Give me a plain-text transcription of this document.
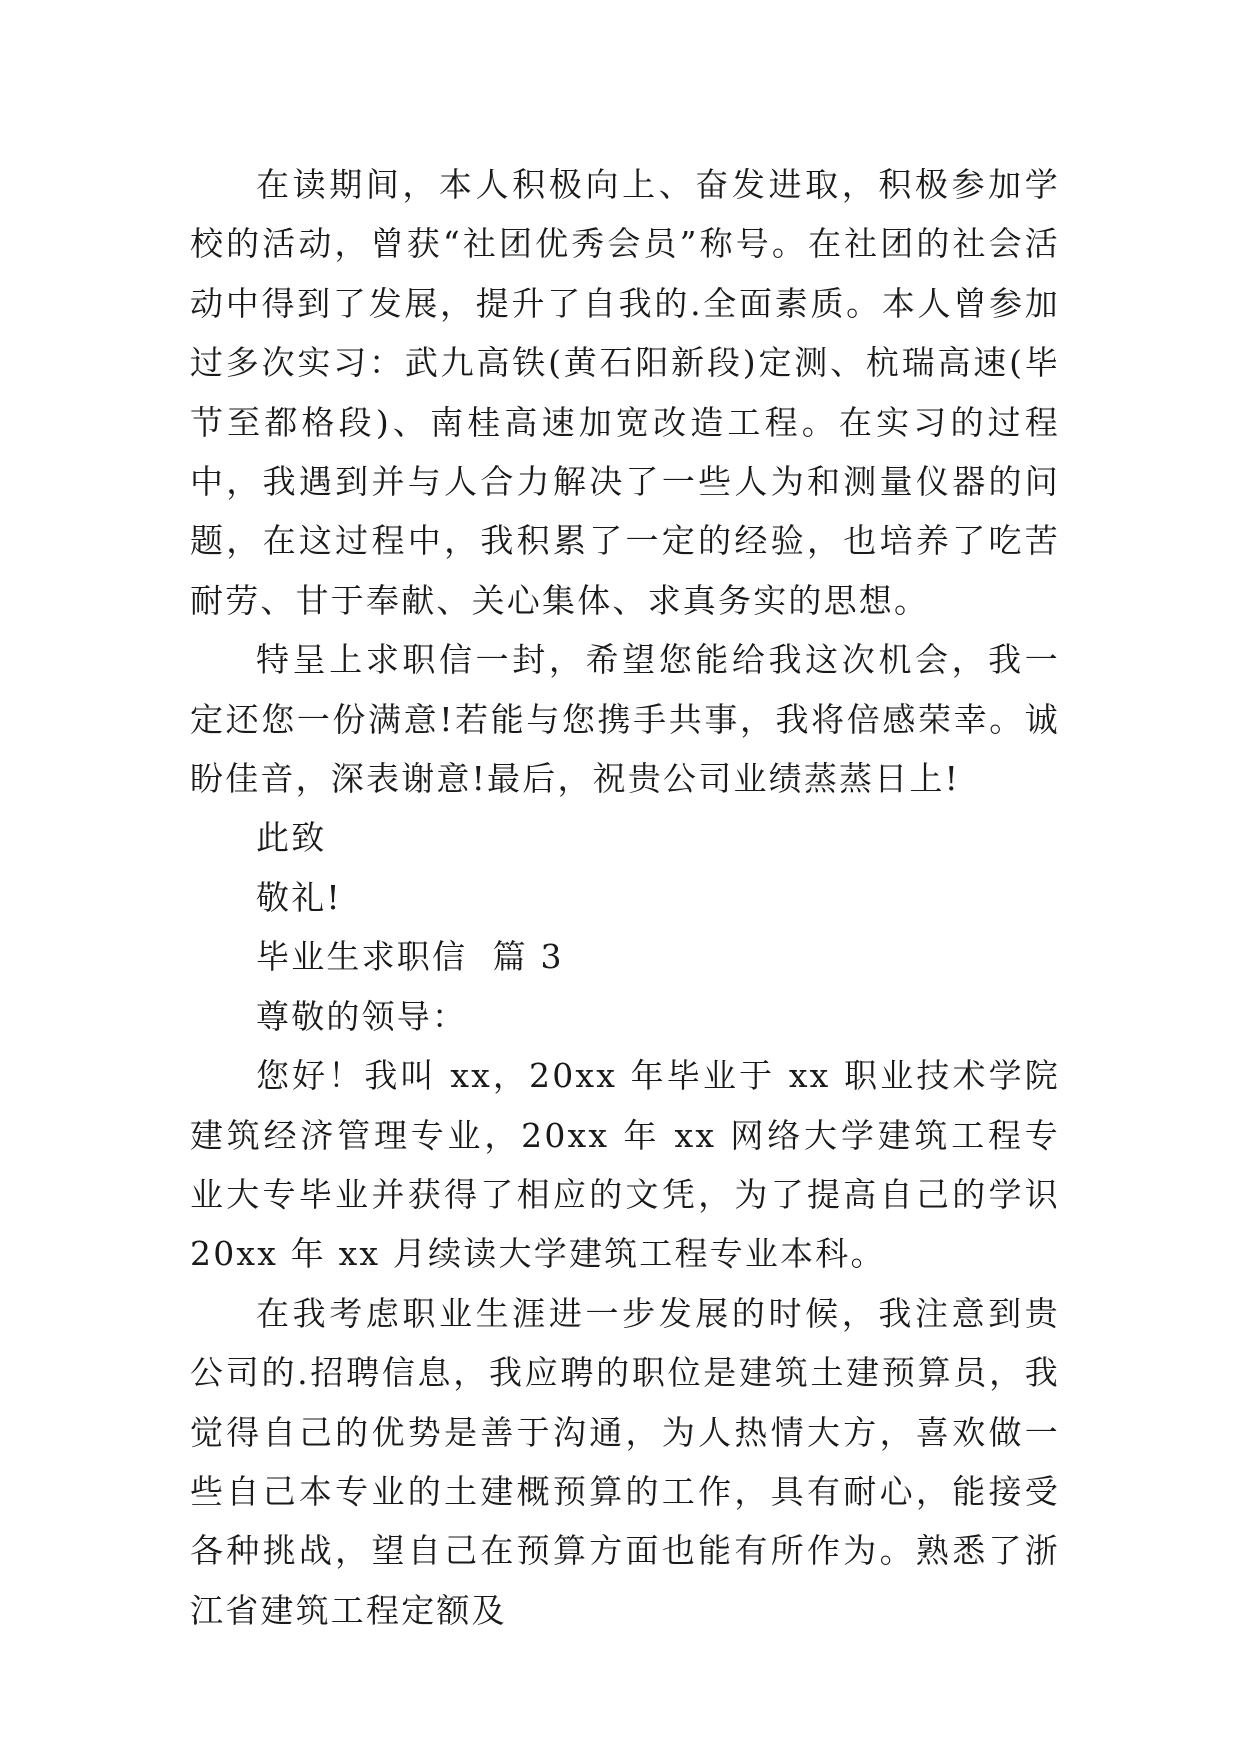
在读期间，本人积极向上、奋发进取，积极参加学校的活动，曾获“社团优秀会员”称号。在社团的社会活动中得到了发展，提升了自我的.全面素质。本人曾参加过多次实习：武九高铁(黄石阳新段)定测、杭瑞高速(毕节至都格段)、南桂高速加宽改造工程。在实习的过程中，我遇到并与人合力解决了一些人为和测量仪器的问题，在这过程中，我积累了一定的经验，也培养了吃苦耐劳、甘于奉献、关心集体、求真务实的思想。

特呈上求职信一封，希望您能给我这次机会，我一定还您一份满意!若能与您携手共事，我将倍感荣幸。诚盼佳音，深表谢意!最后，祝贵公司业绩蒸蒸日上!

此致

敬礼!

毕业生求职信  篇 3

尊敬的领导：

您好！我叫 xx，20xx 年毕业于 xx 职业技术学院建筑经济管理专业，20xx 年 xx 网络大学建筑工程专业大专毕业并获得了相应的文凭，为了提高自己的学识 20xx 年 xx 月续读大学建筑工程专业本科。

在我考虑职业生涯进一步发展的时候，我注意到贵公司的.招聘信息，我应聘的职位是建筑土建预算员，我觉得自己的优势是善于沟通，为人热情大方，喜欢做一些自己本专业的土建概预算的工作，具有耐心，能接受各种挑战，望自己在预算方面也能有所作为。熟悉了浙江省建筑工程定额及
